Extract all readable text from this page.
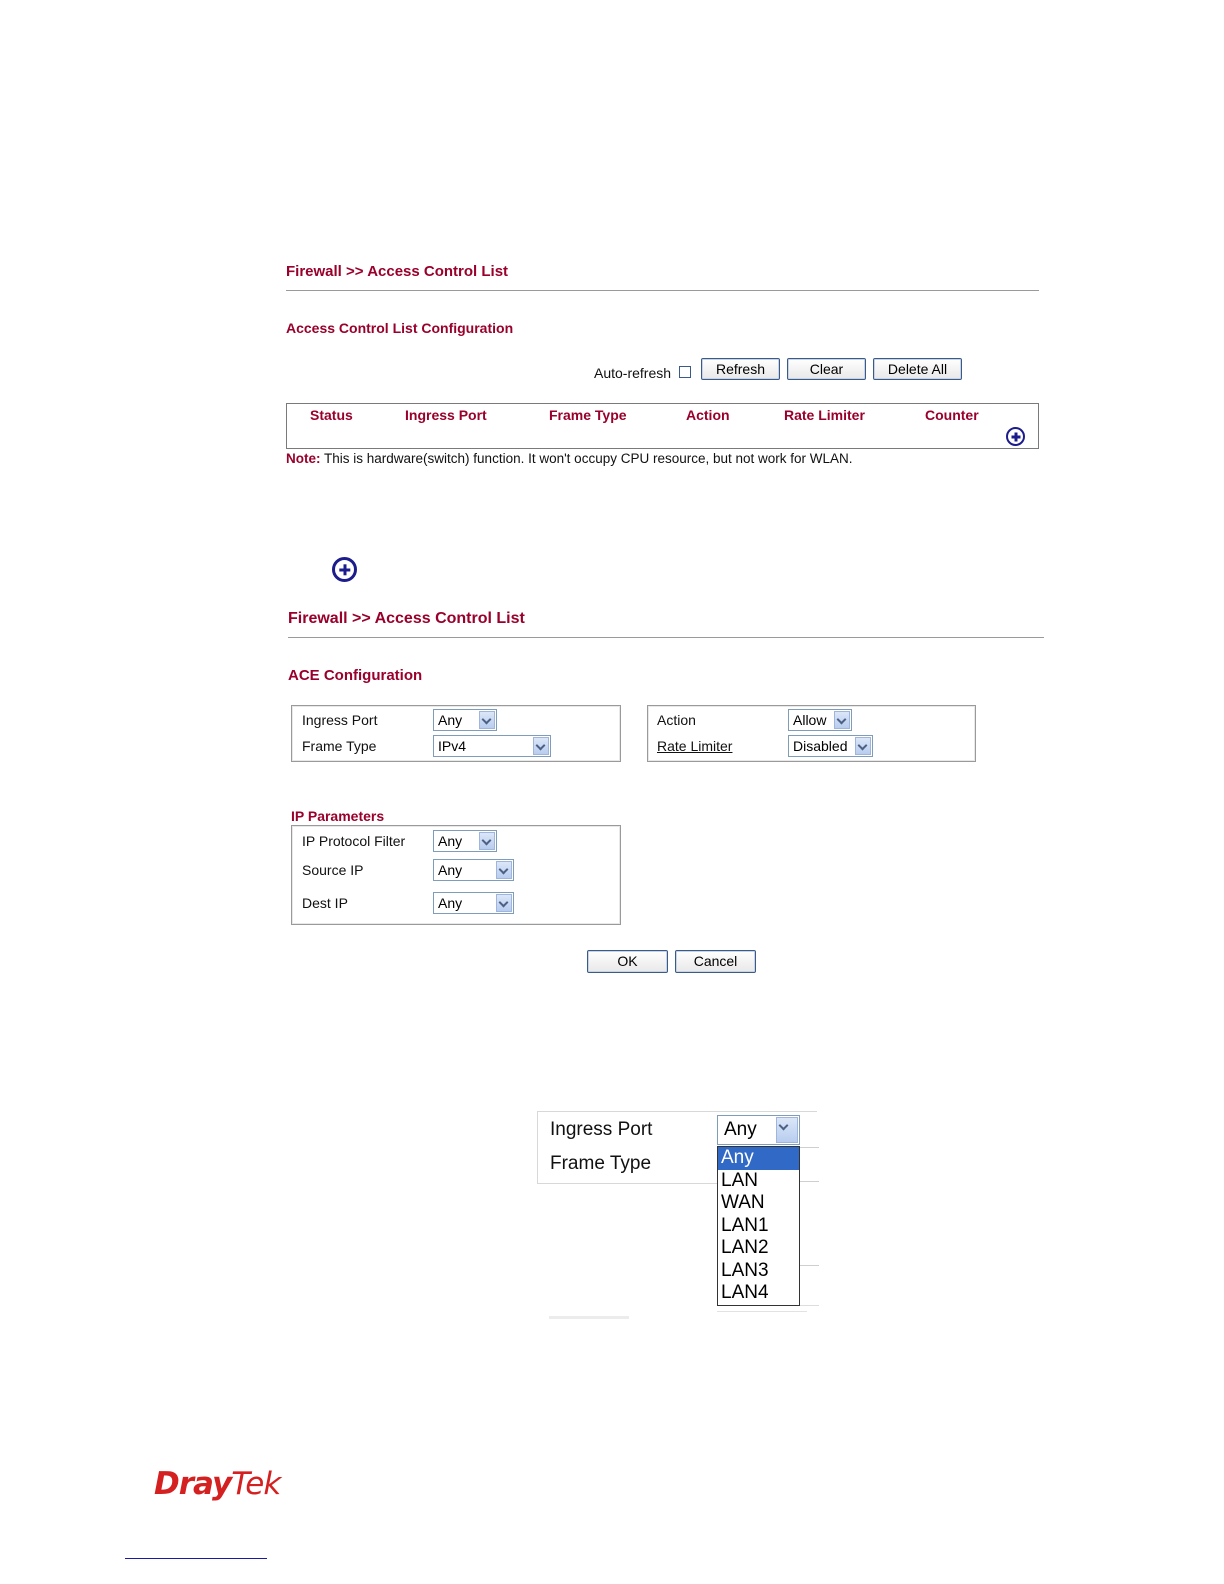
Firewall >> Access Control List
Access Control List Configuration
Auto-refresh	Refresh	Clear	Delete All
Status	Ingress Port	Frame Type	Action	Rate Limiter	Counter
Note: This is hardware(switch) function. It won't occupy CPU resource, but not work for WLAN.
Firewall >> Access Control List
ACE Configuration
Ingress Port	Any
Frame Type	IPv4
Action	Allow
Rate Limiter	Disabled
IP Parameters
IP Protocol Filter	Any
Source IP	Any
Dest IP	Any
OK	Cancel
Ingress Port
Frame Type
Any
Any
LAN
WAN
LAN1
LAN2
LAN3
LAN4
DrayTek
